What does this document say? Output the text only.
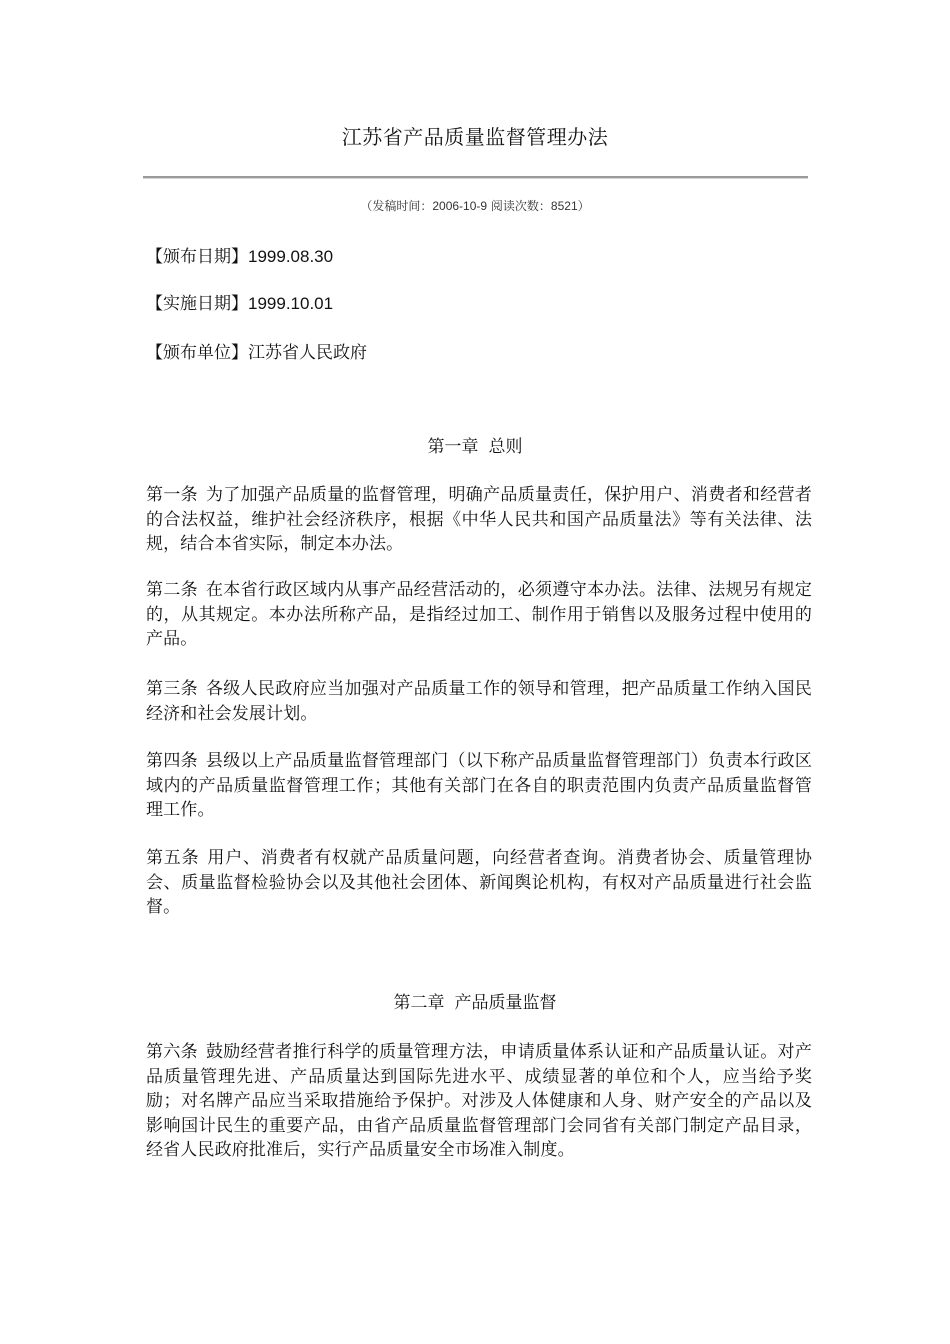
江苏省产品质量监督管理办法
（发稿时间：2006-10-9 阅读次数：8521）
【颁布日期】1999.08.30
【实施日期】1999.10.01
【颁布单位】江苏省人民政府
第一章 总则
第一条 为了加强产品质量的监督管理，明确产品质量责任，保护用户、消费者和经营者的合法权益，维护社会经济秩序，根据《中华人民共和国产品质量法》等有关法律、法规，结合本省实际，制定本办法。
第二条 在本省行政区域内从事产品经营活动的，必须遵守本办法。法律、法规另有规定的，从其规定。本办法所称产品，是指经过加工、制作用于销售以及服务过程中使用的产品。
第三条 各级人民政府应当加强对产品质量工作的领导和管理，把产品质量工作纳入国民经济和社会发展计划。
第四条 县级以上产品质量监督管理部门（以下称产品质量监督管理部门）负责本行政区域内的产品质量监督管理工作；其他有关部门在各自的职责范围内负责产品质量监督管理工作。
第五条 用户、消费者有权就产品质量问题，向经营者查询。消费者协会、质量管理协会、质量监督检验协会以及其他社会团体、新闻舆论机构，有权对产品质量进行社会监督。
第二章 产品质量监督
第六条 鼓励经营者推行科学的质量管理方法，申请质量体系认证和产品质量认证。对产品质量管理先进、产品质量达到国际先进水平、成绩显著的单位和个人，应当给予奖励；对名牌产品应当采取措施给予保护。对涉及人体健康和人身、财产安全的产品以及影响国计民生的重要产品，由省产品质量监督管理部门会同省有关部门制定产品目录，经省人民政府批准后，实行产品质量安全市场准入制度。
